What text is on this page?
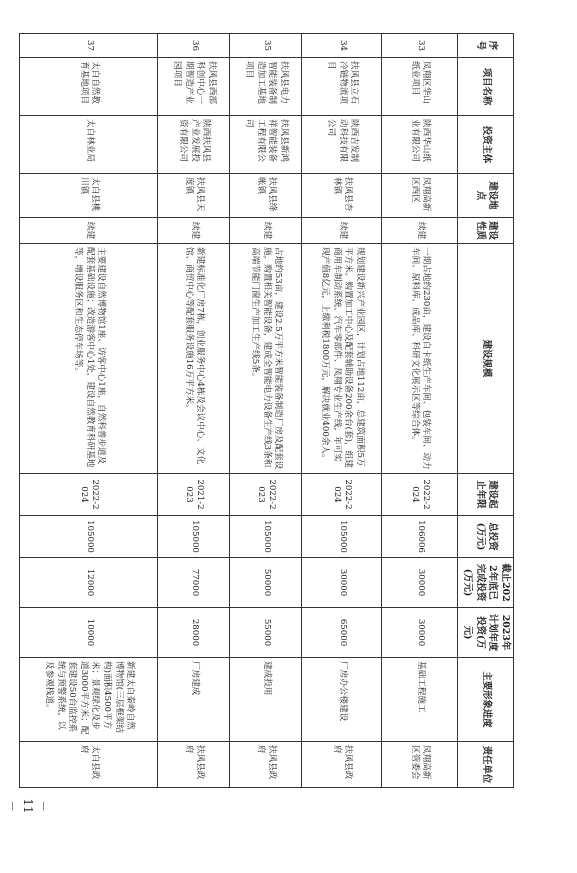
序号	项目名称	投资主体	建设地点	建设性质	建设规模	建设起止年限	总投资(万元)	截止2022年底已完成投资(万元)	2023年计划年度投资(万元)	主要形象进度	责任单位
33	凤翔区华山纸业项目	陕西华山纸业有限公司	凤翔高新区西区	续建	一期占地约230亩，建设白卡纸生产车间、包装车间、动力车间、原料库、成品库、科研文化展示区等综合体。	2022-2024	106006	30000	30000	基础工程施工	凤翔高新区管委会
34	扶风县立石冷链物流项目	陕西吉发制动科技有限公司	扶风县杏林镇	续建	规划建设新兴产业园区，计划占地112亩，总建筑面积5万平方米。购置加工中心及配套辅助设备200余台(套)，组建商用车制动系统、汽车零部件、凤翔专业生产线，年可实现产值8亿元，上缴利税1800万元，解决就业400余人。	2022-2024	105000	30000	65000	厂房办公楼建设	扶风县政府
35	扶风县电力智能装备制造加工基地项目	扶风县新鸿祥智能装备工程有限公司	扶风县绛帐镇	续建	占地约53亩，建设2.5万平方米智能装备制造厂房及配套设施，购置相关智能设备，建成全智能电力设备生产线3条和高端节能门窗生产加工生产线5条。	2022-2023	105000	50000	55000	建成投用	扶风县政府
36	扶风县西部科创中心一期智造产业园项目	陕西扶风县产业发展投资有限公司	扶风县天度镇	续建	新建标准化厂房7栋，创业服务中心4栋及会议中心、文化馆、商贸中心等配套服务设施16万平方米。	2021-2023	105000	77000	28000	厂房建成	扶风县政府
37	太白自然教育基地项目	太白林业局	太白县桃川镇	续建	主要建设自然博物馆1座、访客中心1座，自然科普步道及配套基础设施；改造游客中心1处，建设自然教育科研基地等，增设服务区和生态停车场等。	2022-2024	105000	12000	10000	新建太白秦岭自然博物馆(三层框架结构)面积4500平方米；景观绿化及步道3000平方米；配套建设50台监控系统与预警系统，以及参观栈道。	太白县政府
－ 11 －
